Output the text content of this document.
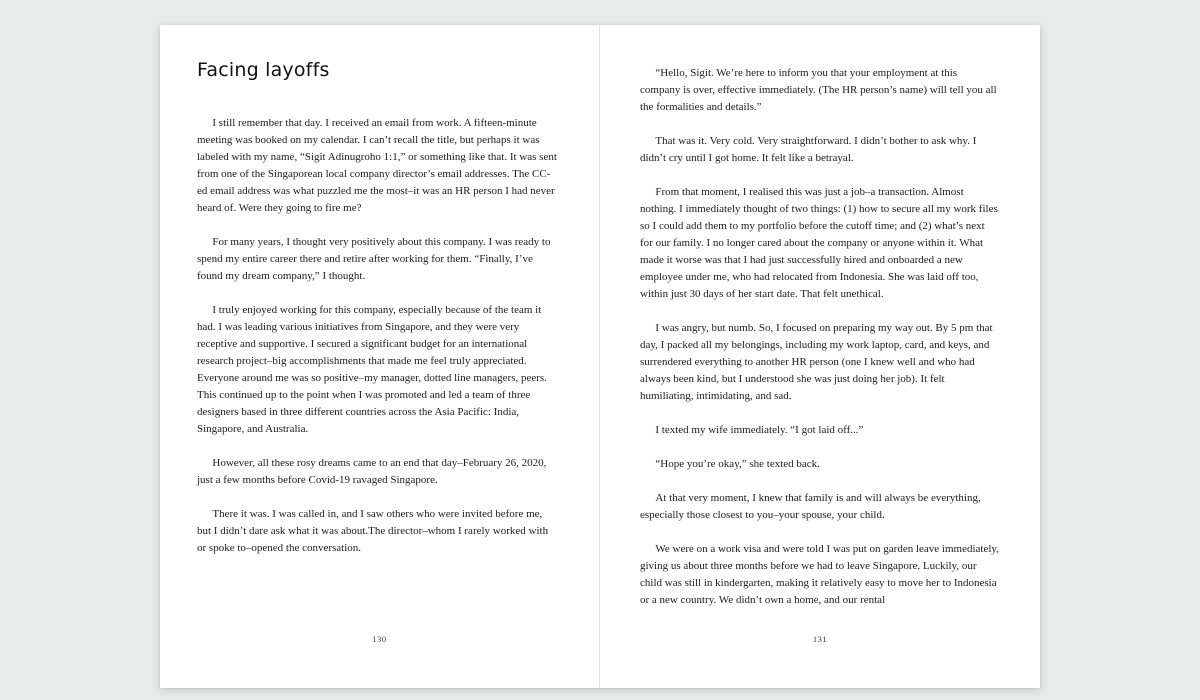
Facing layoffs

I still remember that day. I received an email from work. A fifteen-minute meeting was booked on my calendar. I can’t recall the title, but perhaps it was labeled with my name, “Sigit Adinugroho 1:1,” or something like that. It was sent from one of the Singaporean local company director’s email addresses. The CC-ed email address was what puzzled me the most–it was an HR person I had never heard of. Were they going to fire me?

For many years, I thought very positively about this company. I was ready to spend my entire career there and retire after working for them. “Finally, I’ve found my dream company,” I thought.

I truly enjoyed working for this company, especially because of the team it had. I was leading various initiatives from Singapore, and they were very receptive and supportive. I secured a significant budget for an international research project–big accomplishments that made me feel truly appreciated. Everyone around me was so positive–my manager, dotted line managers, peers. This continued up to the point when I was promoted and led a team of three designers based in three different countries across the Asia Pacific: India, Singapore, and Australia.

However, all these rosy dreams came to an end that day–February 26, 2020, just a few months before Covid-19 ravaged Singapore.

There it was. I was called in, and I saw others who were invited before me, but I didn’t dare ask what it was about.The director–whom I rarely worked with or spoke to–opened the conversation.

130

“Hello, Sigit. We’re here to inform you that your employment at this company is over, effective immediately. (The HR person’s name) will tell you all the formalities and details.”

That was it. Very cold. Very straightforward. I didn’t bother to ask why. I didn’t cry until I got home. It felt like a betrayal.

From that moment, I realised this was just a job–a transaction. Almost nothing. I immediately thought of two things: (1) how to secure all my work files so I could add them to my portfolio before the cutoff time; and (2) what’s next for our family. I no longer cared about the company or anyone within it. What made it worse was that I had just successfully hired and onboarded a new employee under me, who had relocated from Indonesia. She was laid off too, within just 30 days of her start date. That felt unethical.

I was angry, but numb. So, I focused on preparing my way out. By 5 pm that day, I packed all my belongings, including my work laptop, card, and keys, and surrendered everything to another HR person (one I knew well and who had always been kind, but I understood she was just doing her job). It felt humiliating, intimidating, and sad.

I texted my wife immediately. “I got laid off...”

“Hope you’re okay,” she texted back.

At that very moment, I knew that family is and will always be everything, especially those closest to you–your spouse, your child.

We were on a work visa and were told I was put on garden leave immediately, giving us about three months before we had to leave Singapore. Luckily, our child was still in kindergarten, making it relatively easy to move her to Indonesia or a new country. We didn’t own a home, and our rental

131
